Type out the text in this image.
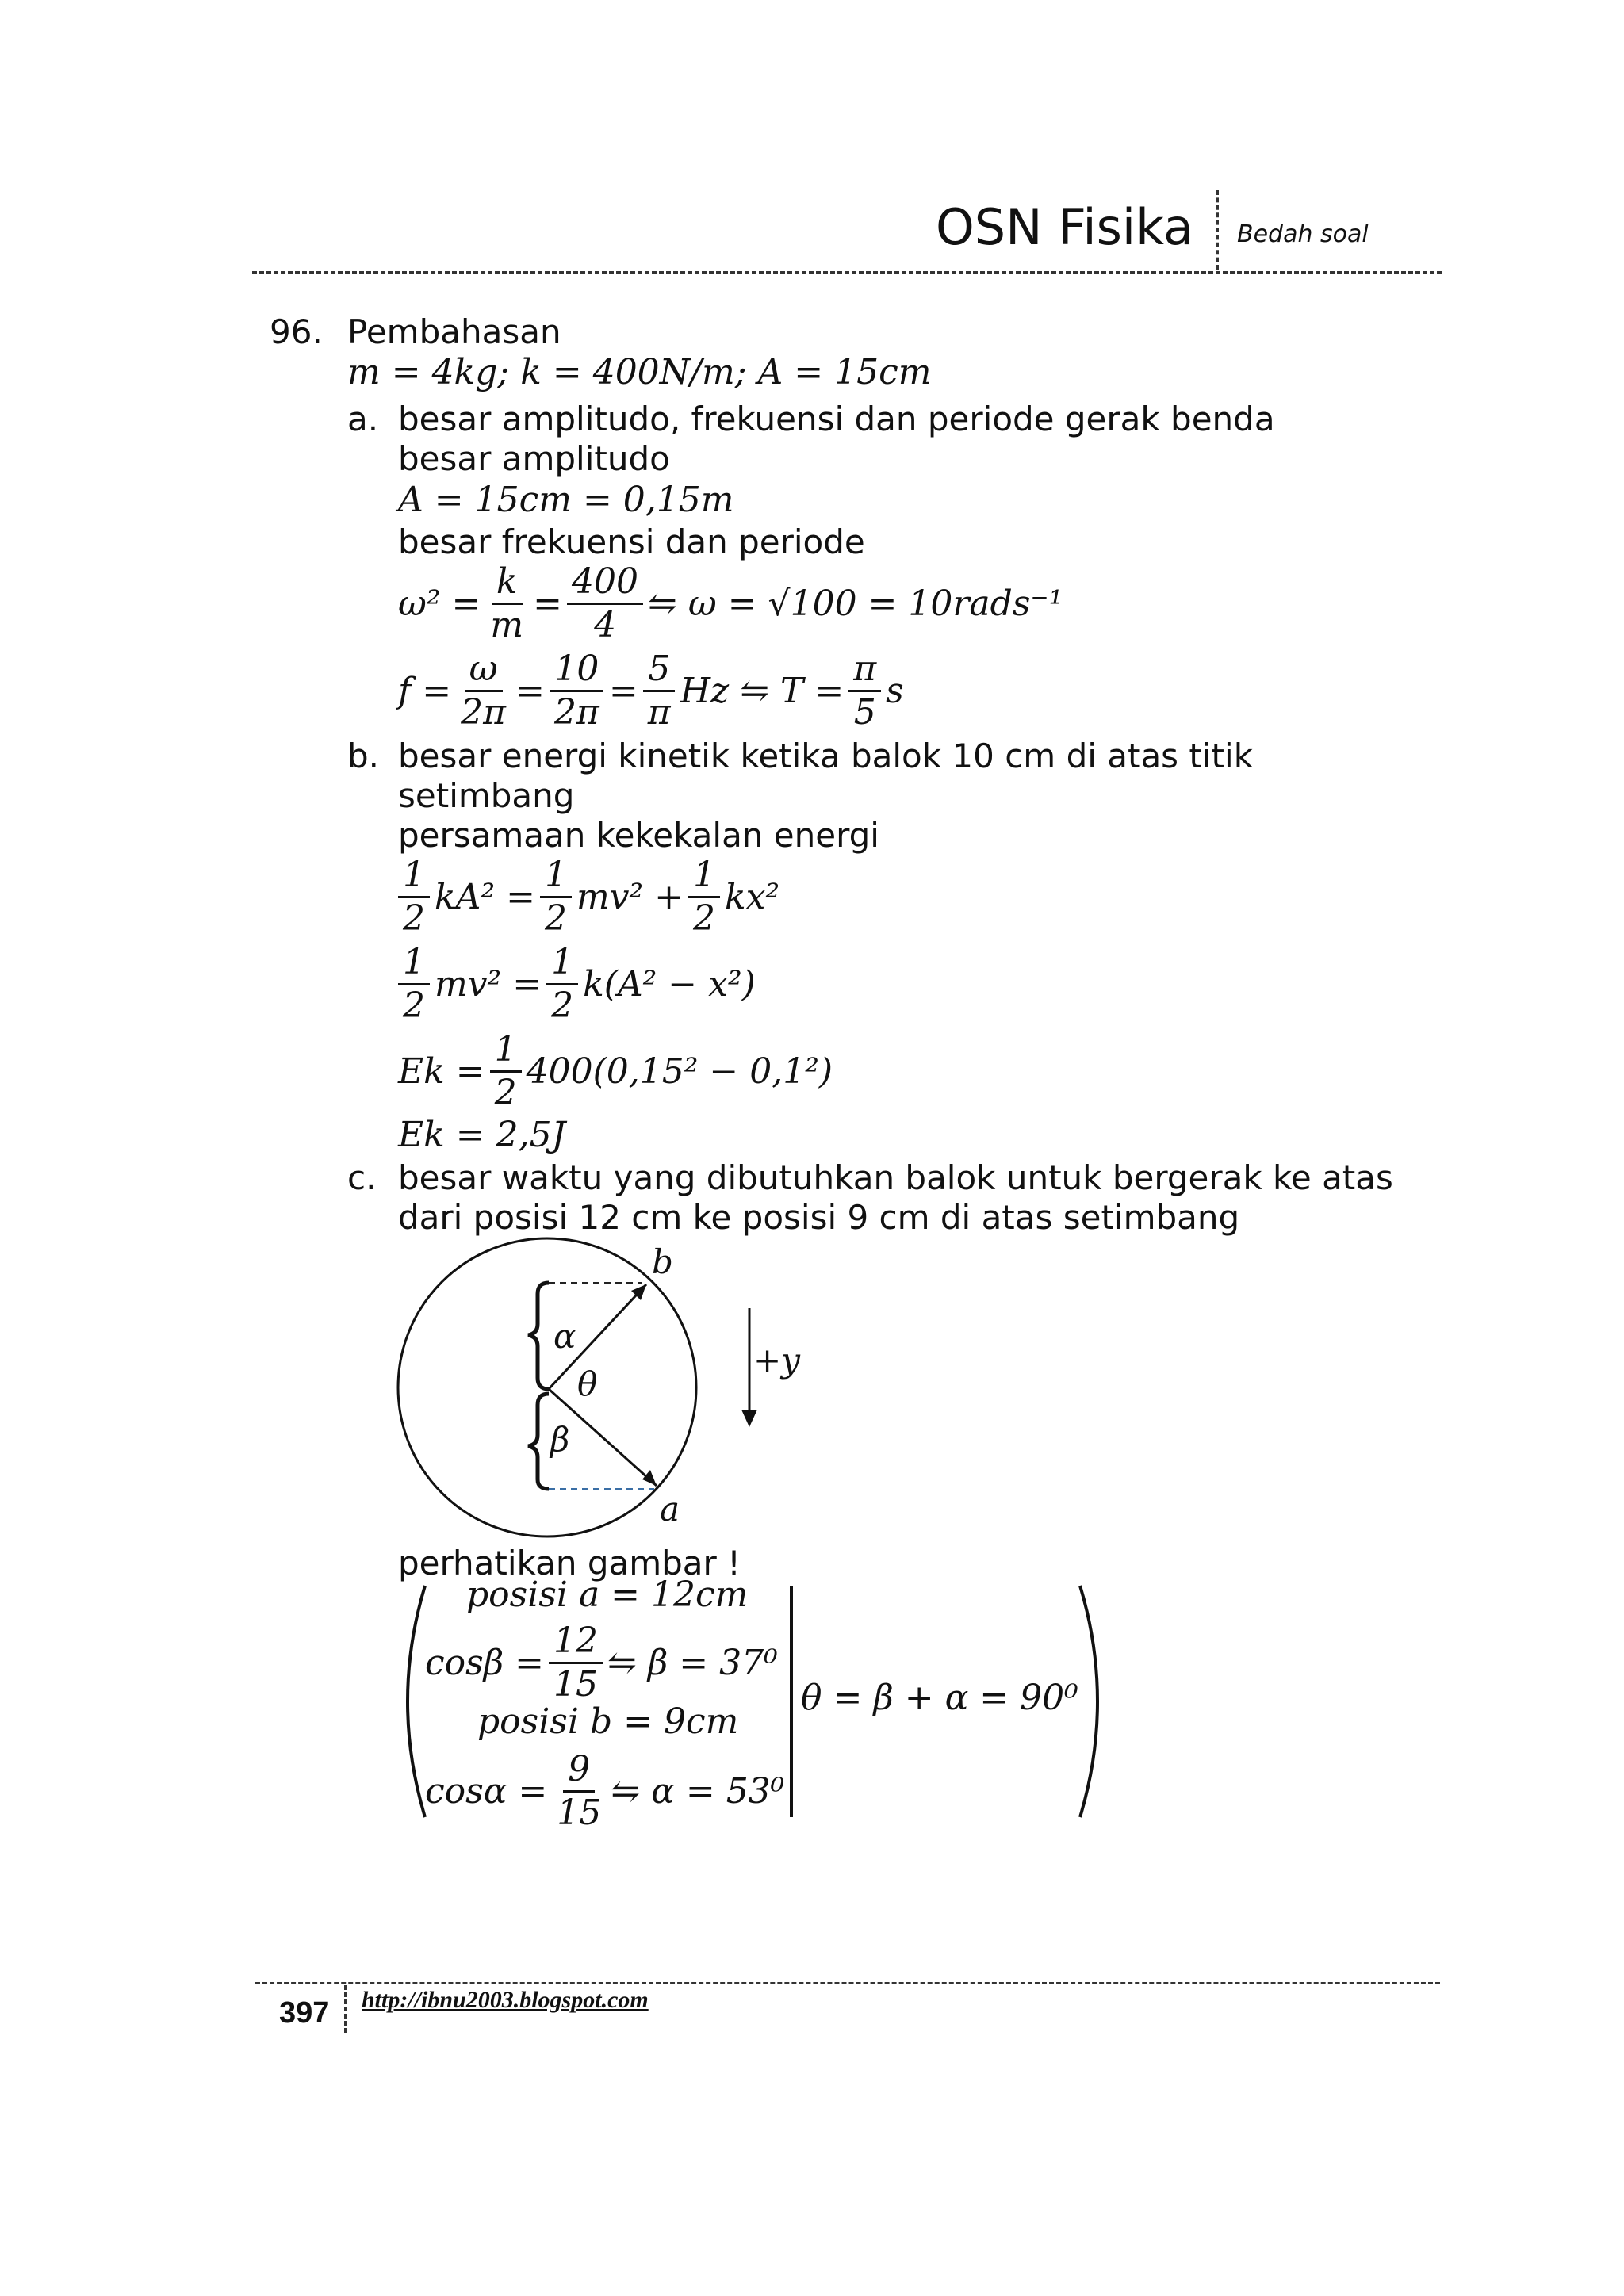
OSN Fisika Bedah soal
96. Pembahasan
m = 4kg; k = 400N/m; A = 15cm
a. besar amplitudo, frekuensi dan periode gerak benda
besar amplitudo
A = 15cm = 0,15m
besar frekuensi dan periode
$\omega^2 = \frac{k}{m} = \frac{400}{4}$ ⇋ ω = √100 = 10rads⁻¹
$f = \frac{\omega}{2\pi} = \frac{10}{2\pi} = \frac{5}{\pi}$ Hz ⇋ $T = \frac{\pi}{5}$ s
b. besar energi kinetik ketika balok 10 cm di atas titik
setimbang
persamaan kekekalan energi
$\frac{1}{2} kA^2 = \frac{1}{2} mv^2 + \frac{1}{2} kx^2$
$\frac{1}{2} mv^2 = \frac{1}{2} k(A^2 - x^2)$
$Ek = \frac{1}{2} 400(0,15^2 - 0,1^2)$
Ek = 2,5J
c. besar waktu yang dibutuhkan balok untuk bergerak ke atas
dari posisi 12 cm ke posisi 9 cm di atas setimbang
b
a
α
θ
β
+y
perhatikan gambar !
posisi a = 12cm
$\cos\beta = \frac{12}{15}$ ⇋ β = 37⁰
posisi b = 9cm
$\cos\alpha = \frac{9}{15}$ ⇋ α = 53⁰
θ = β + α = 90⁰
397 http://ibnu2003.blogspot.com
